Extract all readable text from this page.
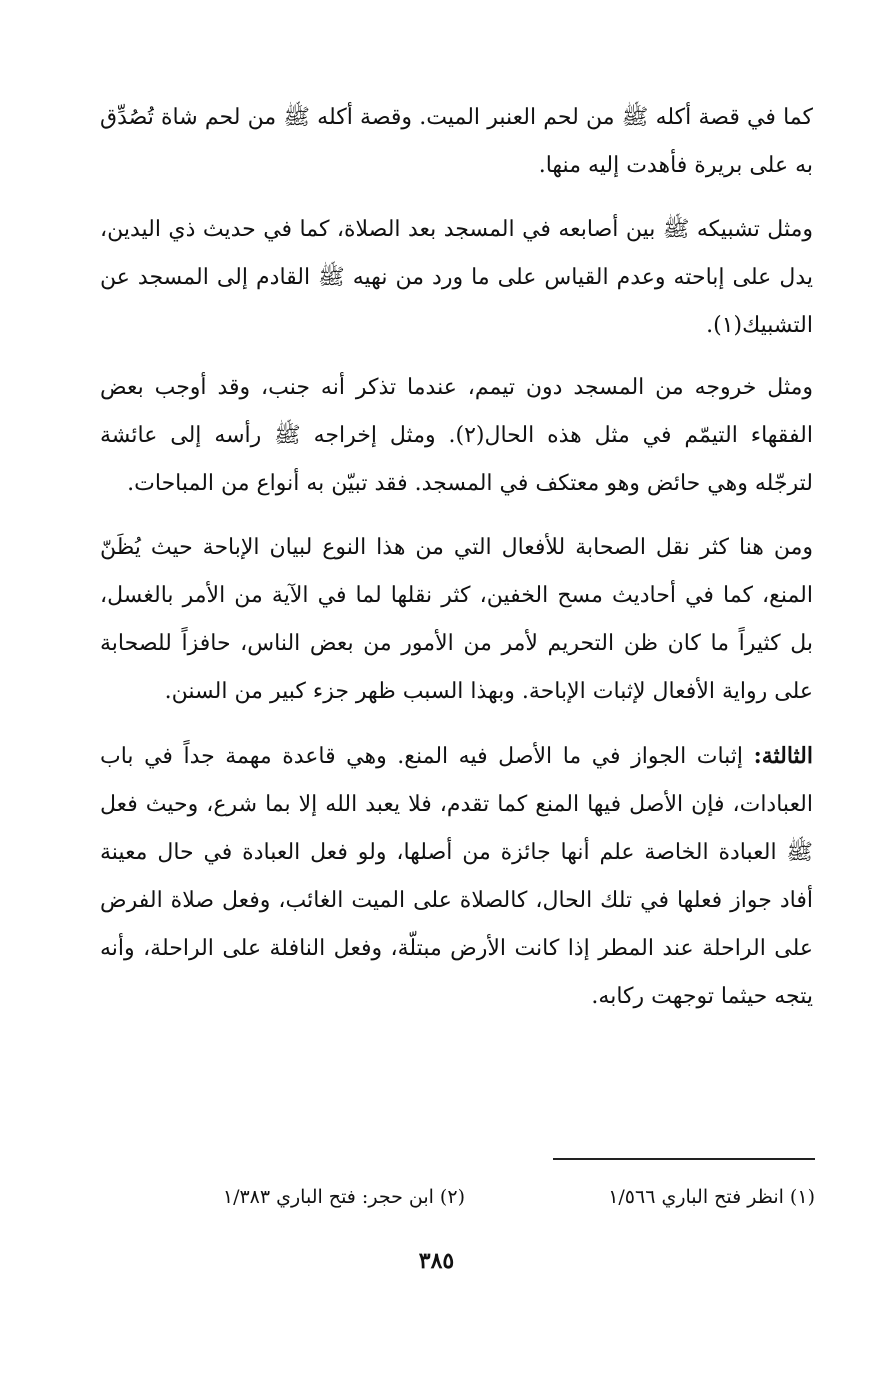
كما في قصة أكله ﷺ من لحم العنبر الميت. وقصة أكله ﷺ من لحم شاة تُصُدِّق به على بريرة فأهدت إليه منها.

ومثل تشبيكه ﷺ بين أصابعه في المسجد بعد الصلاة، كما في حديث ذي اليدين، يدل على إباحته وعدم القياس على ما ورد من نهيه ﷺ القادم إلى المسجد عن التشبيك(١).

ومثل خروجه من المسجد دون تيمم، عندما تذكر أنه جنب، وقد أوجب بعض الفقهاء التيمّم في مثل هذه الحال(٢). ومثل إخراجه ﷺ رأسه إلى عائشة لترجّله وهي حائض وهو معتكف في المسجد. فقد تبيّن به أنواع من المباحات.

ومن هنا كثر نقل الصحابة للأفعال التي من هذا النوع لبيان الإباحة حيث يُظَنّ المنع، كما في أحاديث مسح الخفين، كثر نقلها لما في الآية من الأمر بالغسل، بل كثيراً ما كان ظن التحريم لأمر من الأمور من بعض الناس، حافزاً للصحابة على رواية الأفعال لإثبات الإباحة. وبهذا السبب ظهر جزء كبير من السنن.

الثالثة: إثبات الجواز في ما الأصل فيه المنع. وهي قاعدة مهمة جداً في باب العبادات، فإن الأصل فيها المنع كما تقدم، فلا يعبد الله إلا بما شرع، وحيث فعل ﷺ العبادة الخاصة علم أنها جائزة من أصلها، ولو فعل العبادة في حال معينة أفاد جواز فعلها في تلك الحال، كالصلاة على الميت الغائب، وفعل صلاة الفرض على الراحلة عند المطر إذا كانت الأرض مبتلّة، وفعل النافلة على الراحلة، وأنه يتجه حيثما توجهت ركابه.

(١) انظر فتح الباري ١/٥٦٦
(٢) ابن حجر: فتح الباري ١/٣٨٣
٣٨٥
